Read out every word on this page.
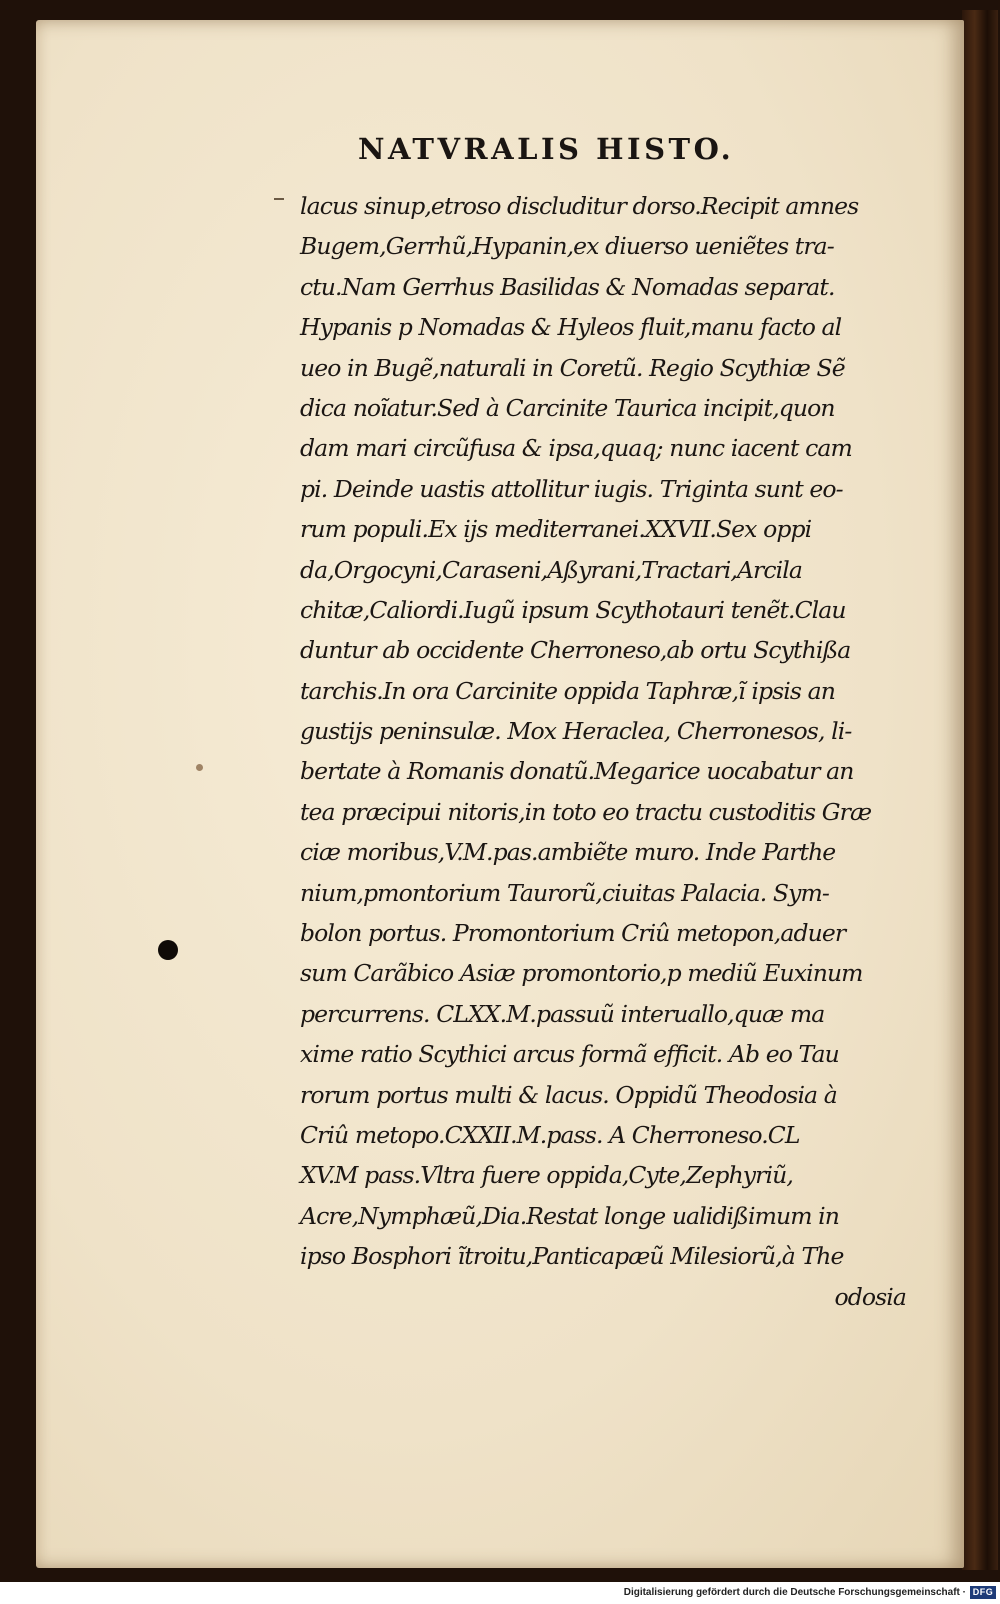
NATVRALIS HISTO.
lacus sinup,etroso discluditur dorso.Recipit amnes
Bugem,Gerrhũ,Hypanin,ex diuerso ueniẽtes tra-
ctu.Nam Gerrhus Basilidas & Nomadas separat.
Hypanis p Nomadas & Hyleos fluit,manu facto al
ueo in Bugẽ,naturali in Coretũ. Regio Scythiæ Sẽ
dica noĩatur.Sed à Carcinite Taurica incipit,quon
dam mari circũfusa & ipsa,quaq; nunc iacent cam
pi. Deinde uastis attollitur iugis. Triginta sunt eo-
rum populi.Ex ijs mediterranei.XXVII.Sex oppi
da,Orgocyni,Caraseni,Aßyrani,Tractari,Arcila
chitæ,Caliordi.Iugũ ipsum Scythotauri tenẽt.Clau
duntur ab occidente Cherroneso,ab ortu Scythißa
tarchis.In ora Carcinite oppida Taphræ,ĩ ipsis an
gustijs peninsulæ. Mox Heraclea, Cherronesos, li-
bertate à Romanis donatũ.Megarice uocabatur an
tea præcipui nitoris,in toto eo tractu custoditis Græ
ciæ moribus,V.M.pas.ambiẽte muro. Inde Parthe
nium,pmontorium Taurorũ,ciuitas Palacia. Sym-
bolon portus. Promontorium Criû metopon,aduer
sum Carãbico Asiæ promontorio,p mediũ Euxinum
percurrens. CLXX.M.passuũ interuallo,quæ ma
xime ratio Scythici arcus formã efficit. Ab eo Tau
rorum portus multi & lacus. Oppidũ Theodosia à
Criû metopo.CXXII.M.pass. A Cherroneso.CL
XV.M pass.Vltra fuere oppida,Cyte,Zephyriũ,
Acre,Nymphæũ,Dia.Restat longe ualidißimum in
ipso Bosphori ĩtroitu,Panticapæũ Milesiorũ,à The
odosia
Digitalisierung gefördert durch die Deutsche Forschungsgemeinschaft · DFG
